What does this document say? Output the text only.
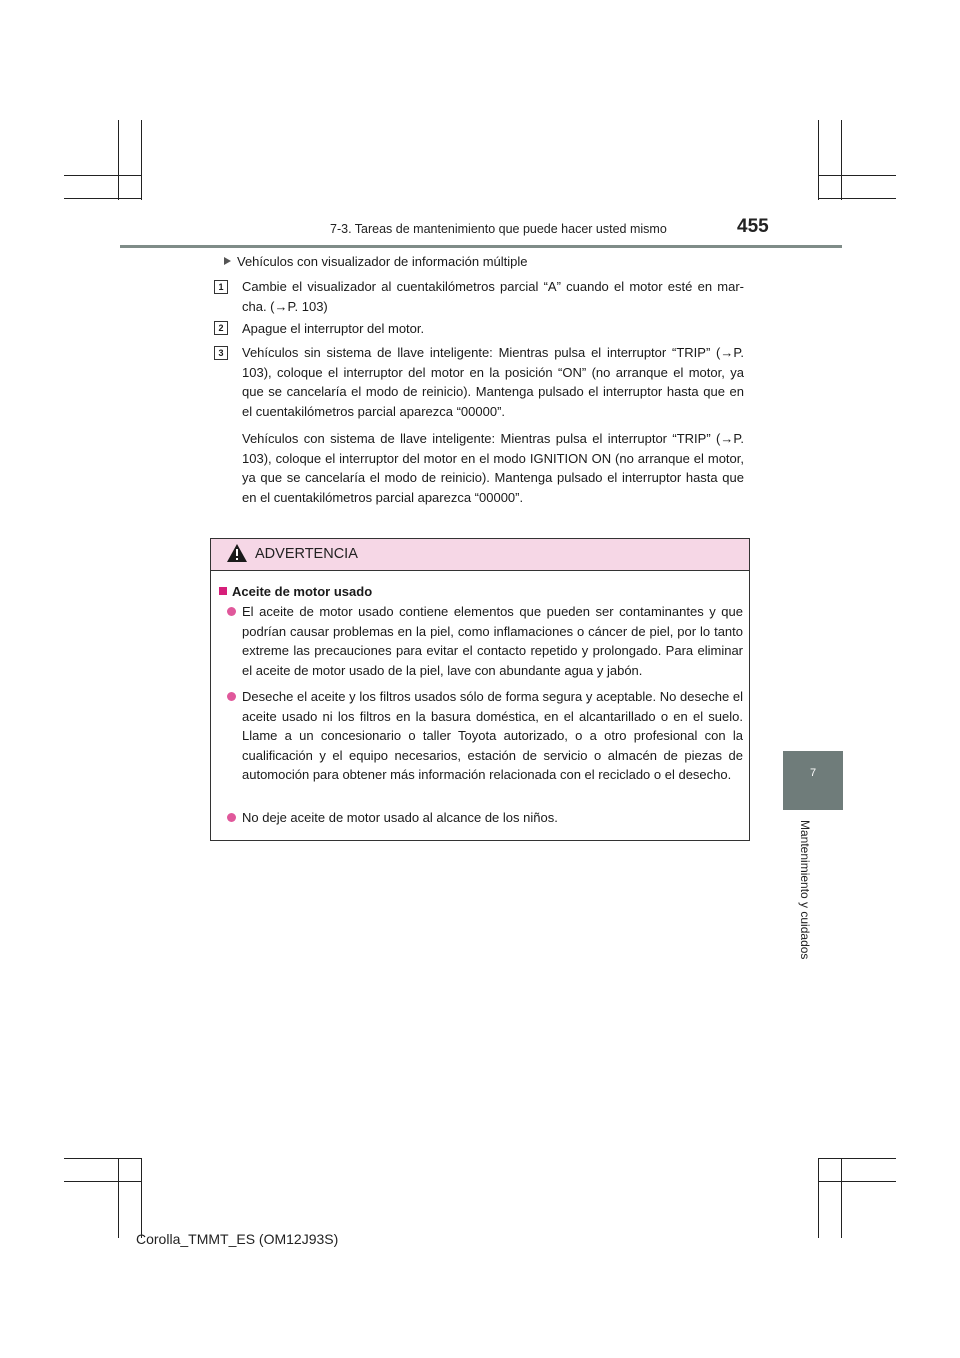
7-3. Tareas de mantenimiento que puede hacer usted mismo	455
7
Mantenimiento y cuidados
Vehículos con visualizador de información múltiple
1	Cambie el visualizador al cuentakilómetros parcial “A” cuando el motor esté en marcha. (→P. 103)

2	Apague el interruptor del motor.

3	Vehículos sin sistema de llave inteligente: Mientras pulsa el interruptor “TRIP” (→P. 103), coloque el interruptor del motor en la posición “ON” (no arranque el motor, ya que se cancelaría el modo de reinicio). Mantenga pulsado el interruptor hasta que en el cuentakilómetros parcial aparezca “00000”.

Vehículos con sistema de llave inteligente: Mientras pulsa el interruptor “TRIP” (→P. 103), coloque el interruptor del motor en el modo IGNITION ON (no arranque el motor, ya que se cancelaría el modo de reinicio). Mantenga pulsado el interruptor hasta que en el cuentakilómetros parcial aparezca “00000”.

ADVERTENCIA
Aceite de motor usado
El aceite de motor usado contiene elementos que pueden ser contaminantes y que podrían causar problemas en la piel, como inflamaciones o cáncer de piel, por lo tanto extreme las precauciones para evitar el contacto repetido y prolongado. Para eliminar el aceite de motor usado de la piel, lave con abundante agua y jabón.
Deseche el aceite y los filtros usados sólo de forma segura y aceptable. No deseche el aceite usado ni los filtros en la basura doméstica, en el alcantarillado o en el suelo. Llame a un concesionario o taller Toyota autorizado, o a otro profesional con la cualificación y el equipo necesarios, estación de servicio o almacén de piezas de automoción para obtener más información relacionada con el reciclado o el desecho.
No deje aceite de motor usado al alcance de los niños.
Corolla_TMMT_ES (OM12J93S)
